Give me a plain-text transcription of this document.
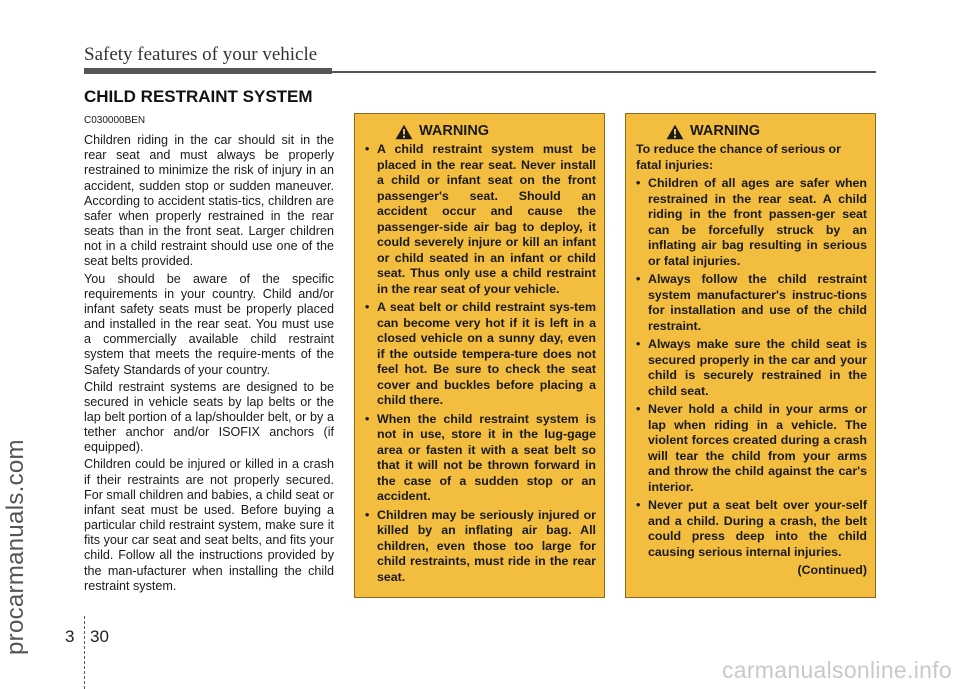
Safety features of your vehicle
CHILD RESTRAINT SYSTEM
C030000BEN

Children riding in the car should sit in the rear seat and must always be properly restrained to minimize the risk of injury in an accident, sudden stop or sudden maneuver. According to accident statis-tics, children are safer when properly restrained in the rear seats than in the front seat. Larger children not in a child restraint should use one of the seat belts provided.

You should be aware of the specific requirements in your country. Child and/or infant safety seats must be properly placed and installed in the rear seat. You must use a commercially available child restraint system that meets the require-ments of the Safety Standards of your country.

Child restraint systems are designed to be secured in vehicle seats by lap belts or the lap belt portion of a lap/shoulder belt, or by a tether anchor and/or ISOFIX anchors (if equipped).

Children could be injured or killed in a crash if their restraints are not properly secured. For small children and babies, a child seat or infant seat must be used. Before buying a particular child restraint system, make sure it fits your car seat and seat belts, and fits your child. Follow all the instructions provided by the man-ufacturer when installing the child restraint system.

WARNING
• A child restraint system must be placed in the rear seat. Never install a child or infant seat on the front passenger's seat. Should an accident occur and cause the passenger-side air bag to deploy, it could severely injure or kill an infant or child seated in an infant or child seat. Thus only use a child restraint in the rear seat of your vehicle.
• A seat belt or child restraint sys-tem can become very hot if it is left in a closed vehicle on a sunny day, even if the outside tempera-ture does not feel hot. Be sure to check the seat cover and buckles before placing a child there.
• When the child restraint system is not in use, store it in the lug-gage area or fasten it with a seat belt so that it will not be thrown forward in the case of a sudden stop or an accident.
• Children may be seriously injured or killed by an inflating air bag. All children, even those too large for child restraints, must ride in the rear seat.
WARNING
To reduce the chance of serious or fatal injuries:
• Children of all ages are safer when restrained in the rear seat. A child riding in the front passen-ger seat can be forcefully struck by an inflating air bag resulting in serious or fatal injuries.
• Always follow the child restraint system manufacturer's instruc-tions for installation and use of the child restraint.
• Always make sure the child seat is secured properly in the car and your child is securely restrained in the child seat.
• Never hold a child in your arms or lap when riding in a vehicle. The violent forces created during a crash will tear the child from your arms and throw the child against the car's interior.
• Never put a seat belt over your-self and a child. During a crash, the belt could press deep into the child causing serious internal injuries.
(Continued)
3 30
procarmanuals.com
carmanualsonline.info
